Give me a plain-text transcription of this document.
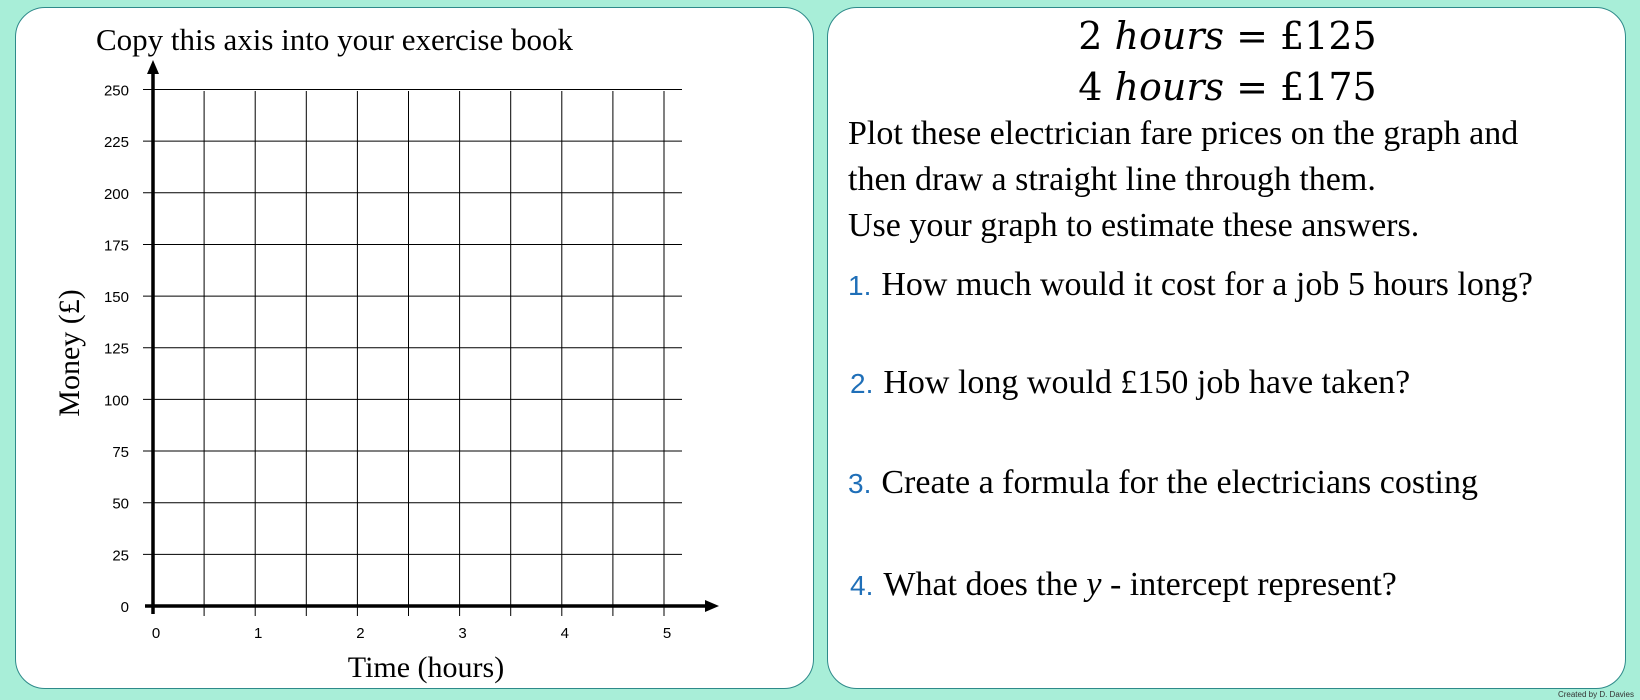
Copy this axis into your exercise book
0
25
50
75
100
125
150
175
200
225
250
0	1	2	3	4	5
Time (hours)
Money (£)
2 hours = £125
4 hours = £175
Plot these electrician fare prices on the graph and
then draw a straight line through them.
Use your graph to estimate these answers.
1. How much would it cost for a job 5 hours long?
2. How long would £150 job have taken?
3. Create a formula for the electricians costing
4. What does the y - intercept represent?
Created by D. Davies
